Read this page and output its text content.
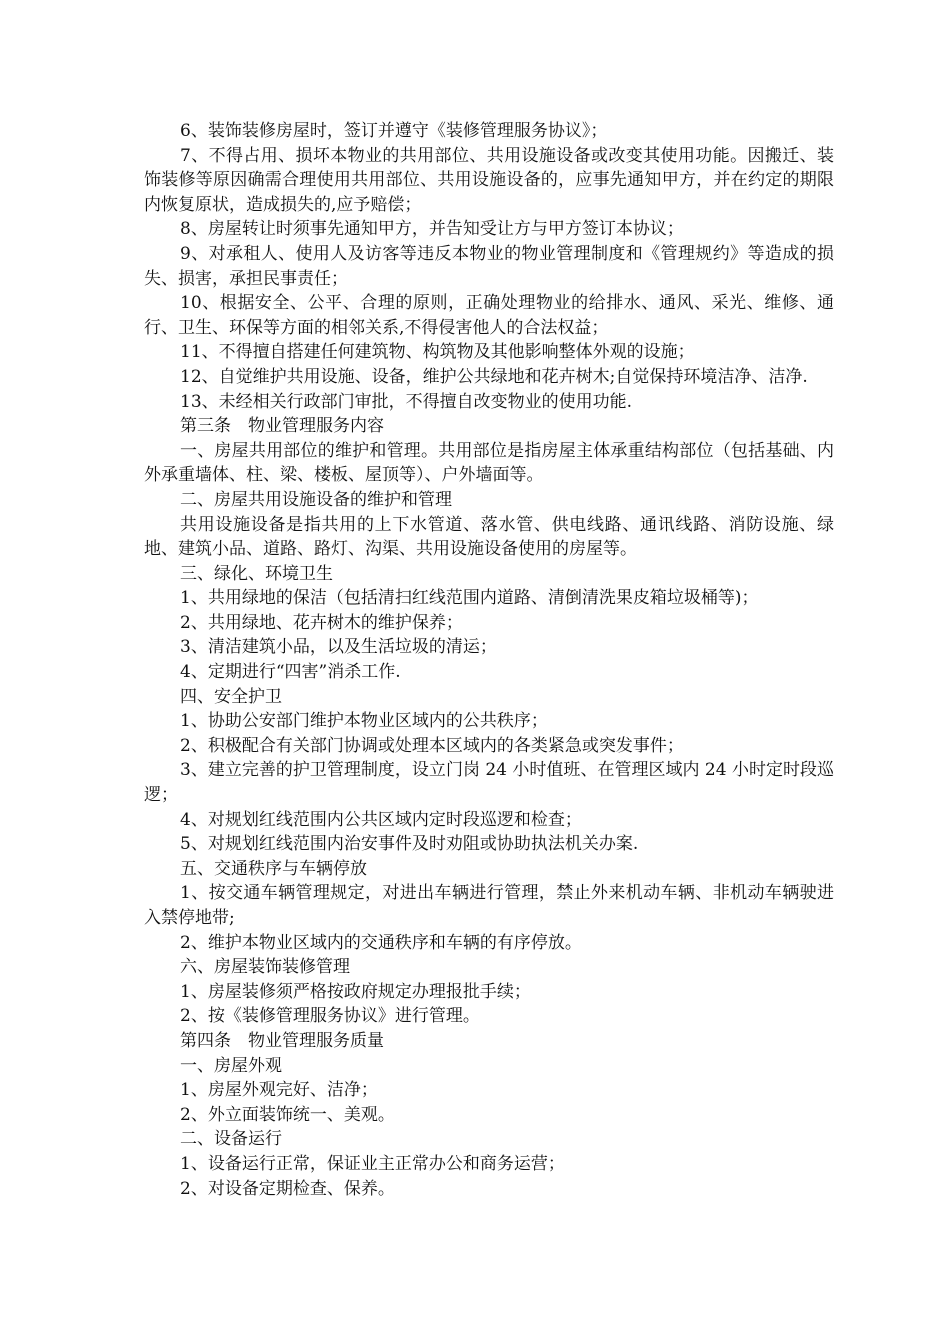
6、装饰装修房屋时，签订并遵守《装修管理服务协议》；

7、不得占用、损坏本物业的共用部位、共用设施设备或改变其使用功能。因搬迁、装饰装修等原因确需合理使用共用部位、共用设施设备的，应事先通知甲方，并在约定的期限内恢复原状，造成损失的,应予赔偿；

8、房屋转让时须事先通知甲方，并告知受让方与甲方签订本协议；

9、对承租人、使用人及访客等违反本物业的物业管理制度和《管理规约》等造成的损失、损害，承担民事责任；

10、根据安全、公平、合理的原则，正确处理物业的给排水、通风、采光、维修、通行、卫生、环保等方面的相邻关系,不得侵害他人的合法权益；

11、不得擅自搭建任何建筑物、构筑物及其他影响整体外观的设施；

12、自觉维护共用设施、设备，维护公共绿地和花卉树木;自觉保持环境洁净、洁净.

13、未经相关行政部门审批，不得擅自改变物业的使用功能.

第三条　物业管理服务内容

一、房屋共用部位的维护和管理。共用部位是指房屋主体承重结构部位（包括基础、内外承重墙体、柱、梁、楼板、屋顶等）、户外墙面等。

二、房屋共用设施设备的维护和管理

共用设施设备是指共用的上下水管道、落水管、供电线路、通讯线路、消防设施、绿地、建筑小品、道路、路灯、沟渠、共用设施设备使用的房屋等。

三、绿化、环境卫生

1、共用绿地的保洁（包括清扫红线范围内道路、清倒清洗果皮箱垃圾桶等)；

2、共用绿地、花卉树木的维护保养；

3、清洁建筑小品，以及生活垃圾的清运；

4、定期进行“四害”消杀工作.

四、安全护卫

1、协助公安部门维护本物业区域内的公共秩序；

2、积极配合有关部门协调或处理本区域内的各类紧急或突发事件；

3、建立完善的护卫管理制度，设立门岗 24 小时值班、在管理区域内 24 小时定时段巡逻；

4、对规划红线范围内公共区域内定时段巡逻和检查；

5、对规划红线范围内治安事件及时劝阻或协助执法机关办案.

五、交通秩序与车辆停放

1、按交通车辆管理规定，对进出车辆进行管理，禁止外来机动车辆、非机动车辆驶进入禁停地带;

2、维护本物业区域内的交通秩序和车辆的有序停放。

六、房屋装饰装修管理

1、房屋装修须严格按政府规定办理报批手续；

2、按《装修管理服务协议》进行管理。

第四条　物业管理服务质量

一、房屋外观

1、房屋外观完好、洁净；

2、外立面装饰统一、美观。

二、设备运行

1、设备运行正常，保证业主正常办公和商务运营；

2、对设备定期检查、保养。
